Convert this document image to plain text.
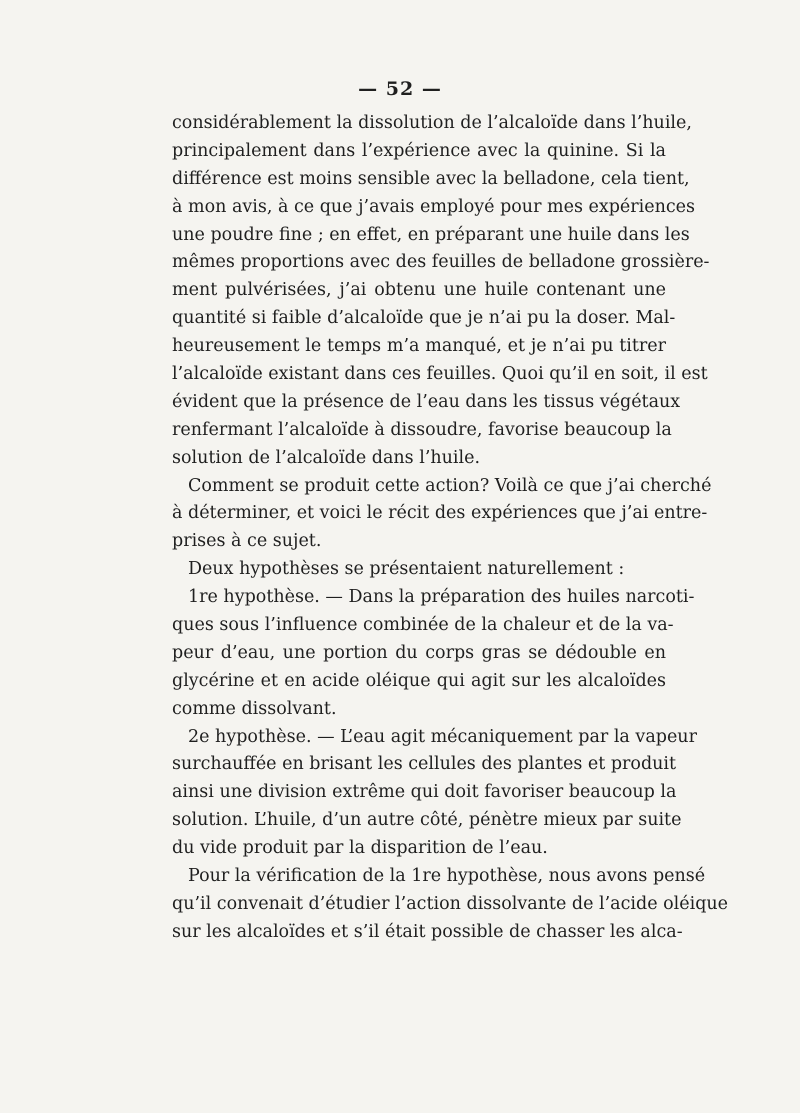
— 52 —
considérablement la dissolution de l’alcaloïde dans l’huile,
principalement dans l’expérience avec la quinine. Si la
différence est moins sensible avec la belladone, cela tient,
à mon avis, à ce que j’avais employé pour mes expériences
une poudre fine ; en effet, en préparant une huile dans les
mêmes proportions avec des feuilles de belladone grossière-
ment pulvérisées, j’ai obtenu une huile contenant une
quantité si faible d’alcaloïde que je n’ai pu la doser. Mal-
heureusement le temps m’a manqué, et je n’ai pu titrer
l’alcaloïde existant dans ces feuilles. Quoi qu’il en soit, il est
évident que la présence de l’eau dans les tissus végétaux
renfermant l’alcaloïde à dissoudre, favorise beaucoup la
solution de l’alcaloïde dans l’huile.
Comment se produit cette action? Voilà ce que j’ai cherché
à déterminer, et voici le récit des expériences que j’ai entre-
prises à ce sujet.
Deux hypothèses se présentaient naturellement :
1re hypothèse. — Dans la préparation des huiles narcoti-
ques sous l’influence combinée de la chaleur et de la va-
peur d’eau, une portion du corps gras se dédouble en
glycérine et en acide oléique qui agit sur les alcaloïdes
comme dissolvant.
2e hypothèse. — L’eau agit mécaniquement par la vapeur
surchauffée en brisant les cellules des plantes et produit
ainsi une division extrême qui doit favoriser beaucoup la
solution. L’huile, d’un autre côté, pénètre mieux par suite
du vide produit par la disparition de l’eau.
Pour la vérification de la 1re hypothèse, nous avons pensé
qu’il convenait d’étudier l’action dissolvante de l’acide oléique
sur les alcaloïdes et s’il était possible de chasser les alca-
